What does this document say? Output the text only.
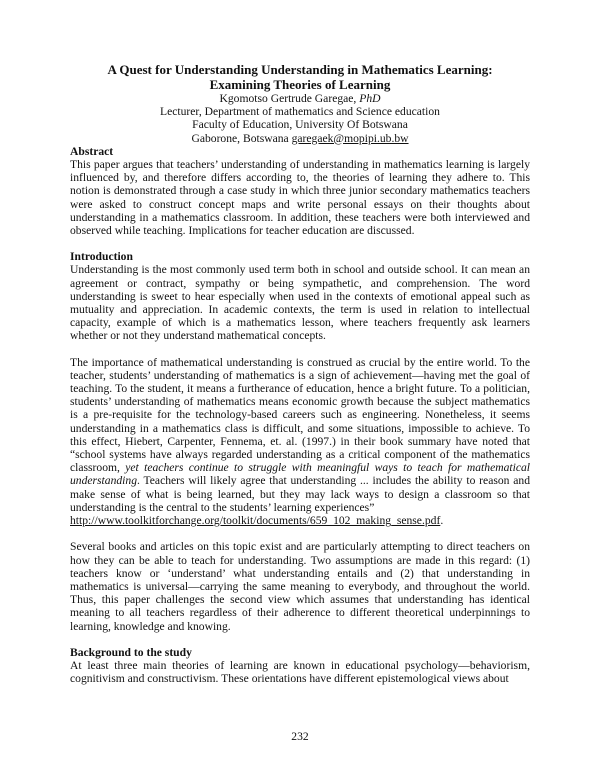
A Quest for Understanding Understanding in Mathematics Learning:

Examining Theories of Learning

Kgomotso Gertrude Garegae, PhD

Lecturer, Department of mathematics and Science education

Faculty of Education, University Of Botswana

Gaborone, Botswana garegaek@mopipi.ub.bw

Abstract

This paper argues that teachers’ understanding of understanding in mathematics learning is largely influenced by, and therefore differs according to, the theories of learning they adhere to. This notion is demonstrated through a case study in which three junior secondary mathematics teachers were asked to construct concept maps and write personal essays on their thoughts about understanding in a mathematics classroom. In addition, these teachers were both interviewed and observed while teaching. Implications for teacher education are discussed.

Introduction

Understanding is the most commonly used term both in school and outside school. It can mean an agreement or contract, sympathy or being sympathetic, and comprehension. The word understanding is sweet to hear especially when used in the contexts of emotional appeal such as mutuality and appreciation. In academic contexts, the term is used in relation to intellectual capacity, example of which is a mathematics lesson, where teachers frequently ask learners whether or not they understand mathematical concepts.

The importance of mathematical understanding is construed as crucial by the entire world. To the teacher, students’ understanding of mathematics is a sign of achievement—having met the goal of teaching. To the student, it means a furtherance of education, hence a bright future. To a politician, students’ understanding of mathematics means economic growth because the subject mathematics is a pre-requisite for the technology-based careers such as engineering. Nonetheless, it seems understanding in a mathematics class is difficult, and some situations, impossible to achieve. To this effect, Hiebert, Carpenter, Fennema, et. al. (1997.) in their book summary have noted that “school systems have always regarded understanding as a critical component of the mathematics classroom, yet teachers continue to struggle with meaningful ways to teach for mathematical understanding. Teachers will likely agree that understanding ... includes the ability to reason and make sense of what is being learned, but they may lack ways to design a classroom so that understanding is the central to the students’ learning experiences”
http://www.toolkitforchange.org/toolkit/documents/659_102_making_sense.pdf.

Several books and articles on this topic exist and are particularly attempting to direct teachers on how they can be able to teach for understanding. Two assumptions are made in this regard: (1) teachers know or ‘understand’ what understanding entails and (2) that understanding in mathematics is universal—carrying the same meaning to everybody, and throughout the world. Thus, this paper challenges the second view which assumes that understanding has identical meaning to all teachers regardless of their adherence to different theoretical underpinnings to learning, knowledge and knowing.

Background to the study

At least three main theories of learning are known in educational psychology—behaviorism, cognitivism and constructivism. These orientations have different epistemological views about

232
